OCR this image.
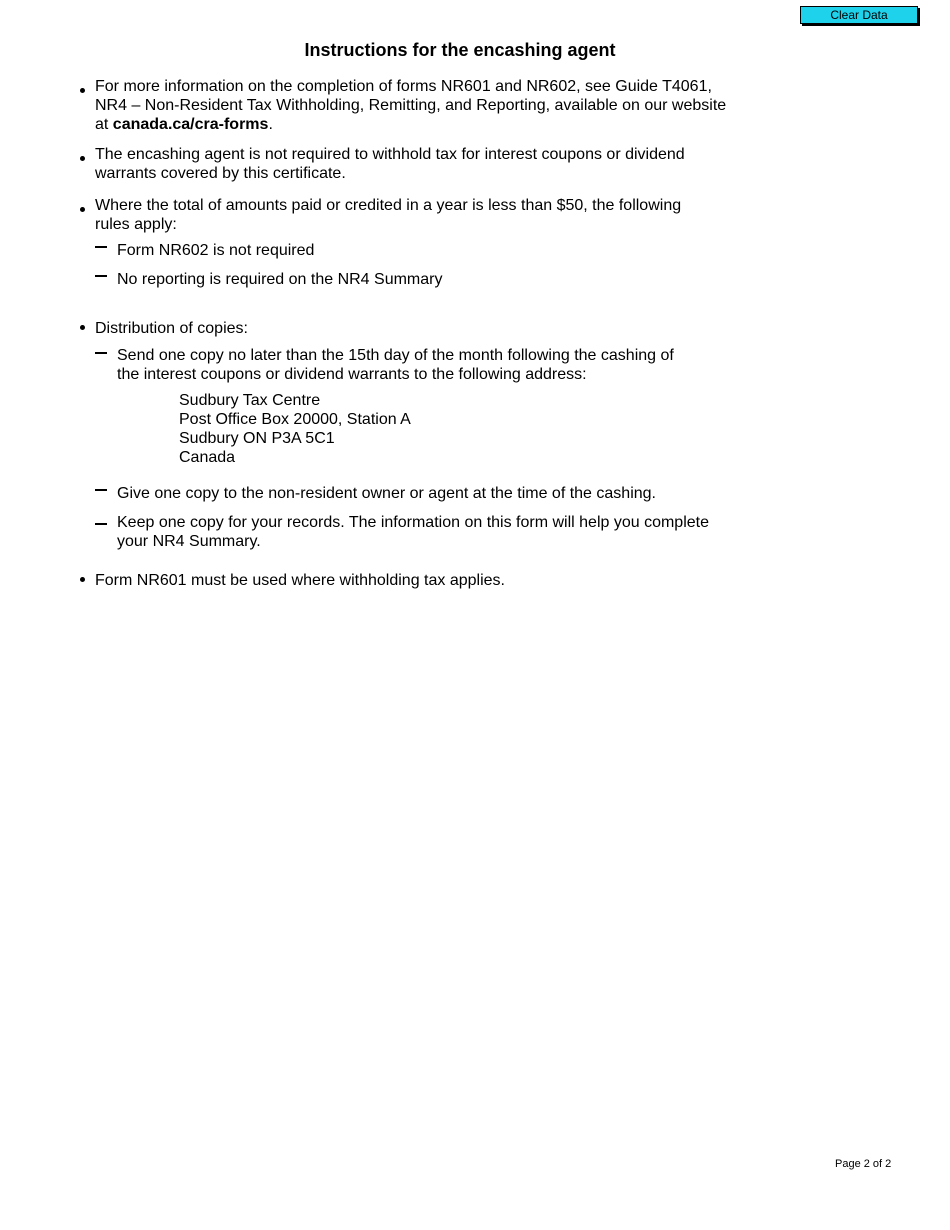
Clear Data
Instructions for the encashing agent
For more information on the completion of forms NR601 and NR602, see Guide T4061,
NR4 – Non-Resident Tax Withholding, Remitting, and Reporting, available on our website
at canada.ca/cra-forms.
The encashing agent is not required to withhold tax for interest coupons or dividend
warrants covered by this certificate.
Where the total of amounts paid or credited in a year is less than $50, the following
rules apply:
Form NR602 is not required
No reporting is required on the NR4 Summary
Distribution of copies:
Send one copy no later than the 15th day of the month following the cashing of
the interest coupons or dividend warrants to the following address:
Sudbury Tax Centre
Post Office Box 20000, Station A
Sudbury ON P3A 5C1
Canada
Give one copy to the non-resident owner or agent at the time of the cashing.
Keep one copy for your records. The information on this form will help you complete
your NR4 Summary.
Form NR601 must be used where withholding tax applies.
Page 2 of 2
